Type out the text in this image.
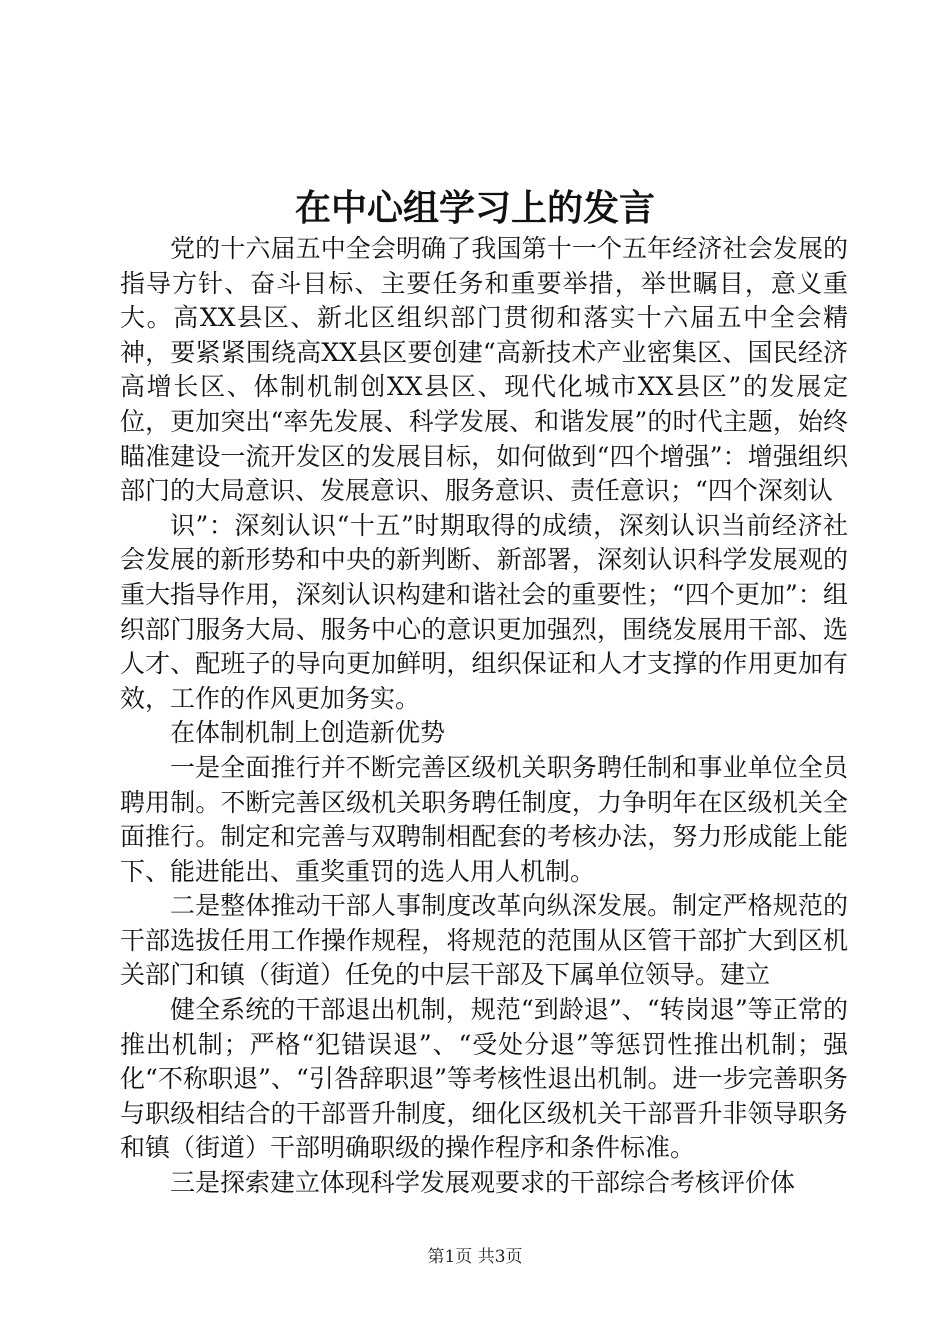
在中心组学习上的发言

党的十六届五中全会明确了我国第十一个五年经济社会发展的指导方针、奋斗目标、主要任务和重要举措，举世瞩目，意义重大。高XX县区、新北区组织部门贯彻和落实十六届五中全会精神，要紧紧围绕高XX县区要创建“高新技术产业密集区、国民经济高增长区、体制机制创XX县区、现代化城市XX县区”的发展定位，更加突出“率先发展、科学发展、和谐发展”的时代主题，始终瞄准建设一流开发区的发展目标，如何做到“四个增强”：增强组织部门的大局意识、发展意识、服务意识、责任意识；“四个深刻认

识”：深刻认识“十五”时期取得的成绩，深刻认识当前经济社会发展的新形势和中央的新判断、新部署，深刻认识科学发展观的重大指导作用，深刻认识构建和谐社会的重要性；“四个更加”：组织部门服务大局、服务中心的意识更加强烈，围绕发展用干部、选人才、配班子的导向更加鲜明，组织保证和人才支撑的作用更加有效，工作的作风更加务实。

在体制机制上创造新优势

一是全面推行并不断完善区级机关职务聘任制和事业单位全员聘用制。不断完善区级机关职务聘任制度，力争明年在区级机关全面推行。制定和完善与双聘制相配套的考核办法，努力形成能上能下、能进能出、重奖重罚的选人用人机制。

二是整体推动干部人事制度改革向纵深发展。制定严格规范的干部选拔任用工作操作规程，将规范的范围从区管干部扩大到区机关部门和镇（街道）任免的中层干部及下属单位领导。建立

健全系统的干部退出机制，规范“到龄退”、“转岗退”等正常的推出机制；严格“犯错误退”、“受处分退”等惩罚性推出机制；强化“不称职退”、“引咎辞职退”等考核性退出机制。进一步完善职务与职级相结合的干部晋升制度，细化区级机关干部晋升非领导职务和镇（街道）干部明确职级的操作程序和条件标准。

三是探索建立体现科学发展观要求的干部综合考核评价体

第1页 共3页
